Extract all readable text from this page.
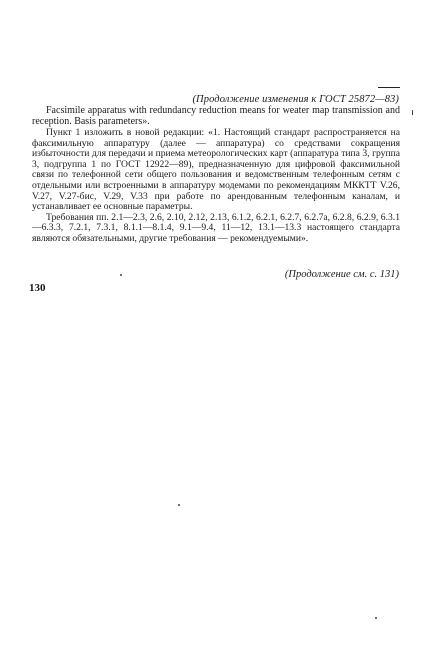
(Продолжение изменения к ГОСТ 25872—83)

Facsimile apparatus with redundancy reduction means for weater map transmission and reception. Basis parameters».

Пункт 1 изложить в новой редакции: «1. Настоящий стандарт распространяется на факсимильную аппаратуру (далее — аппаратура) со средствами сокращения избыточности для передачи и приема метеорологических карт (аппаратура типа 3, группа 3, подгруппа 1 по ГОСТ 12922—89), предназначенную для цифровой факсимильной связи по телефонной сети общего пользования и ведомственным телефонным сетям с отдельными или встроенными в аппаратуру модемами по рекомендациям МККТТ V.26, V.27, V.27-бис, V.29, V.33 при работе по арендованным телефонным каналам, и устанавливает ее основные параметры.

Требования пп. 2.1—2.3, 2.6, 2.10, 2.12, 2.13, 6.1.2, 6.2.1, 6.2.7, 6.2.7а, 6.2.8, 6.2.9, 6.3.1—6.3.3, 7.2.1, 7.3.1, 8.1.1—8.1.4, 9.1—9.4, 11—12, 13.1—13.3 настоящего стандарта являются обязательными, другие требования — рекомендуемыми».

(Продолжение см. с. 131)
130
